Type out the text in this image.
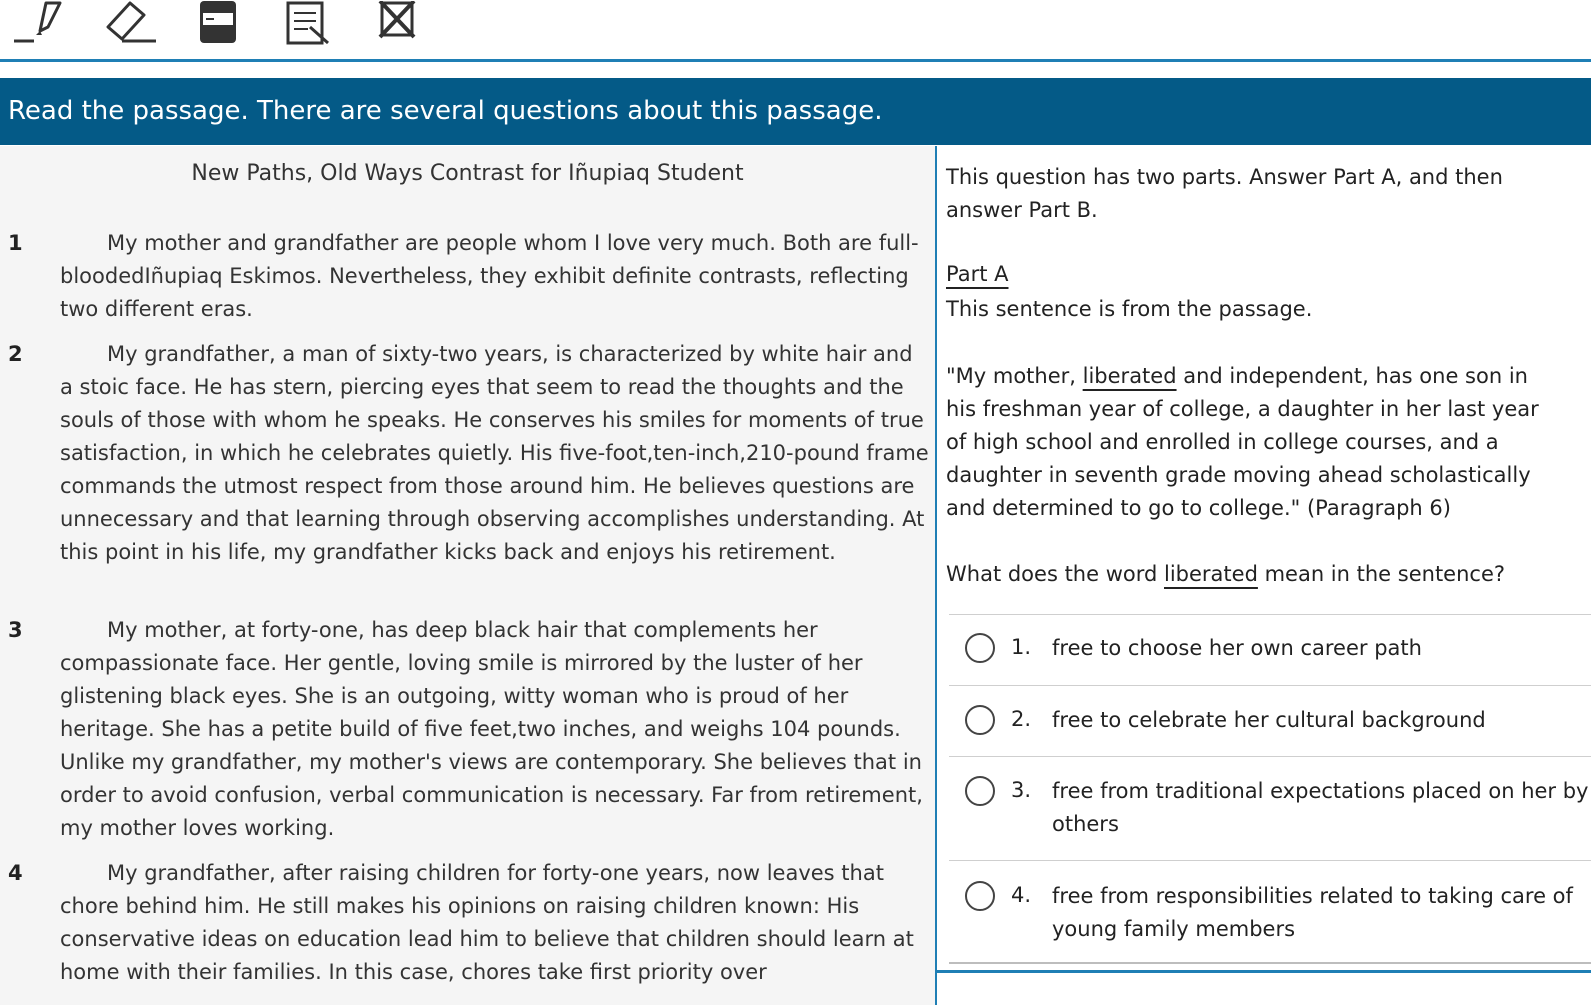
Read the passage. There are several questions about this passage.
New Paths, Old Ways Contrast for Iñupiaq Student
1	My mother and grandfather are people whom I love very much. Both are full-bloodedIñupiaq Eskimos. Nevertheless, they exhibit definite contrasts, reflecting two different eras.
2	My grandfather, a man of sixty-two years, is characterized by white hair and a stoic face. He has stern, piercing eyes that seem to read the thoughts and the souls of those with whom he speaks. He conserves his smiles for moments of true satisfaction, in which he celebrates quietly. His five-foot,ten-inch,210-pound frame commands the utmost respect from those around him. He believes questions are unnecessary and that learning through observing accomplishes understanding. At this point in his life, my grandfather kicks back and enjoys his retirement.
3	My mother, at forty-one, has deep black hair that complements her compassionate face. Her gentle, loving smile is mirrored by the luster of her glistening black eyes. She is an outgoing, witty woman who is proud of her heritage. She has a petite build of five feet,two inches, and weighs 104 pounds. Unlike my grandfather, my mother's views are contemporary. She believes that in order to avoid confusion, verbal communication is necessary. Far from retirement, my mother loves working.
4	My grandfather, after raising children for forty-one years, now leaves that chore behind him. He still makes his opinions on raising children known: His conservative ideas on education lead him to believe that children should learn at home with their families. In this case, chores take first priority over
This question has two parts. Answer Part A, and then
answer Part B.
Part A
This sentence is from the passage.
"My mother, liberated and independent, has one son in
his freshman year of college, a daughter in her last year
of high school and enrolled in college courses, and a
daughter in seventh grade moving ahead scholastically
and determined to go to college." (Paragraph 6)
What does the word liberated mean in the sentence?
1. free to choose her own career path
2. free to celebrate her cultural background
3. free from traditional expectations placed on her by others
4. free from responsibilities related to taking care of young family members
